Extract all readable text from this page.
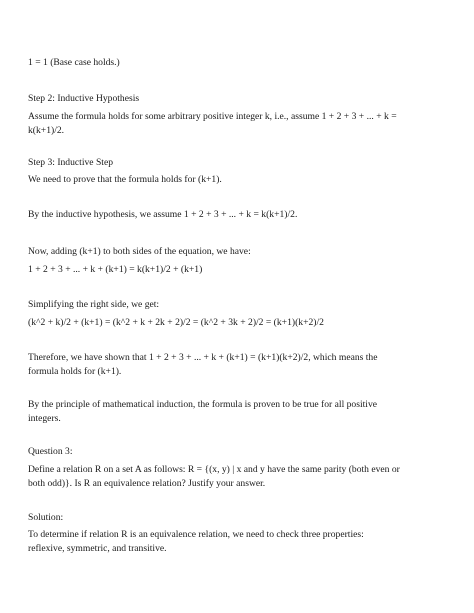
1 = 1 (Base case holds.)
Step 2: Inductive Hypothesis
Assume the formula holds for some arbitrary positive integer k, i.e., assume 1 + 2 + 3 + ... + k =
k(k+1)/2.
Step 3: Inductive Step
We need to prove that the formula holds for (k+1).
By the inductive hypothesis, we assume 1 + 2 + 3 + ... + k = k(k+1)/2.
Now, adding (k+1) to both sides of the equation, we have:
1 + 2 + 3 + ... + k + (k+1) = k(k+1)/2 + (k+1)
Simplifying the right side, we get:
(k^2 + k)/2 + (k+1) = (k^2 + k + 2k + 2)/2 = (k^2 + 3k + 2)/2 = (k+1)(k+2)/2
Therefore, we have shown that 1 + 2 + 3 + ... + k + (k+1) = (k+1)(k+2)/2, which means the
formula holds for (k+1).
By the principle of mathematical induction, the formula is proven to be true for all positive
integers.
Question 3:
Define a relation R on a set A as follows: R = {(x, y) | x and y have the same parity (both even or
both odd)}. Is R an equivalence relation? Justify your answer.
Solution:
To determine if relation R is an equivalence relation, we need to check three properties:
reflexive, symmetric, and transitive.
